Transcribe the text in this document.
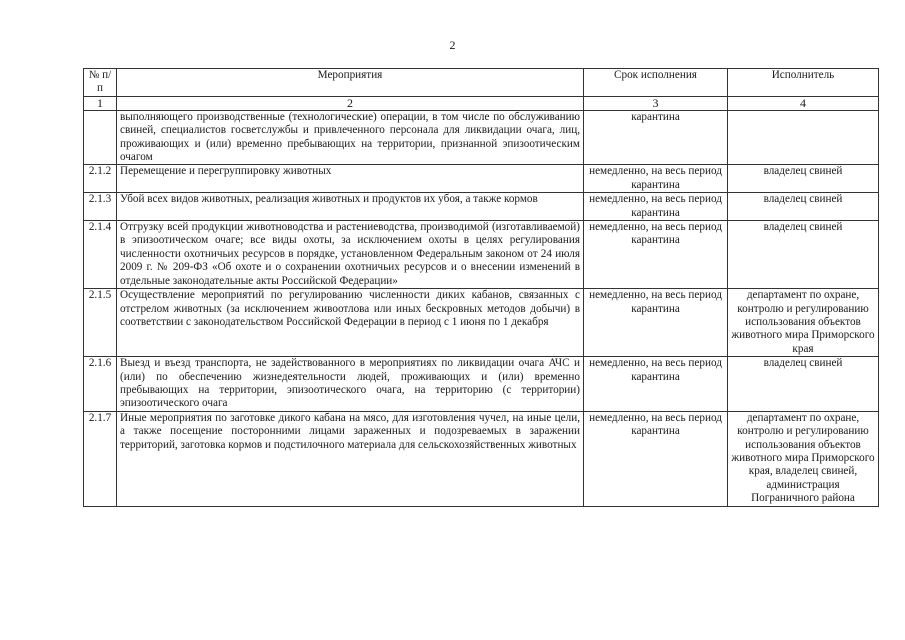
2
№ п/п	Мероприятия	Срок исполнения	Исполнитель
1	2	3	4
	выполняющего производственные (технологические) операции, в том числе по обслуживанию свиней, специалистов госветслужбы и привлеченного персонала для ликвидации очага, лиц, проживающих и (или) временно пребывающих на территории, признанной эпизоотическим очагом	карантина	
2.1.2	Перемещение и перегруппировку животных	немедленно, на весь период карантина	владелец свиней
2.1.3	Убой всех видов животных, реализация животных и продуктов их убоя, а также кормов	немедленно, на весь период карантина	владелец свиней
2.1.4	Отгрузку всей продукции животноводства и растениеводства, производимой (изготавливаемой) в эпизоотическом очаге; все виды охоты, за исключением охоты в целях регулирования численности охотничьих ресурсов в порядке, установленном Федеральным законом от 24 июля 2009 г. № 209-ФЗ «Об охоте и о сохранении охотничьих ресурсов и о внесении изменений в отдельные законодательные акты Российской Федерации»	немедленно, на весь период карантина	владелец свиней
2.1.5	Осуществление мероприятий по регулированию численности диких кабанов, связанных с отстрелом животных (за исключением живоотлова или иных бескровных методов добычи) в соответствии с законодательством Российской Федерации в период с 1 июня по 1 декабря	немедленно, на весь период карантина	департамент по охране, контролю и регулированию использования объектов животного мира Приморского края
2.1.6	Выезд и въезд транспорта, не задействованного в мероприятиях по ликвидации очага АЧС и (или) по обеспечению жизнедеятельности людей, проживающих и (или) временно пребывающих на территории, эпизоотического очага, на территорию (с территории) эпизоотического очага	немедленно, на весь период карантина	владелец свиней
2.1.7	Иные мероприятия по заготовке дикого кабана на мясо, для изготовления чучел, на иные цели, а также посещение посторонними лицами зараженных и подозреваемых в заражении территорий, заготовка кормов и подстилочного материала для сельскохозяйственных животных	немедленно, на весь период карантина	департамент по охране, контролю и регулированию использования объектов животного мира Приморского края, владелец свиней, администрация Пограничного района
